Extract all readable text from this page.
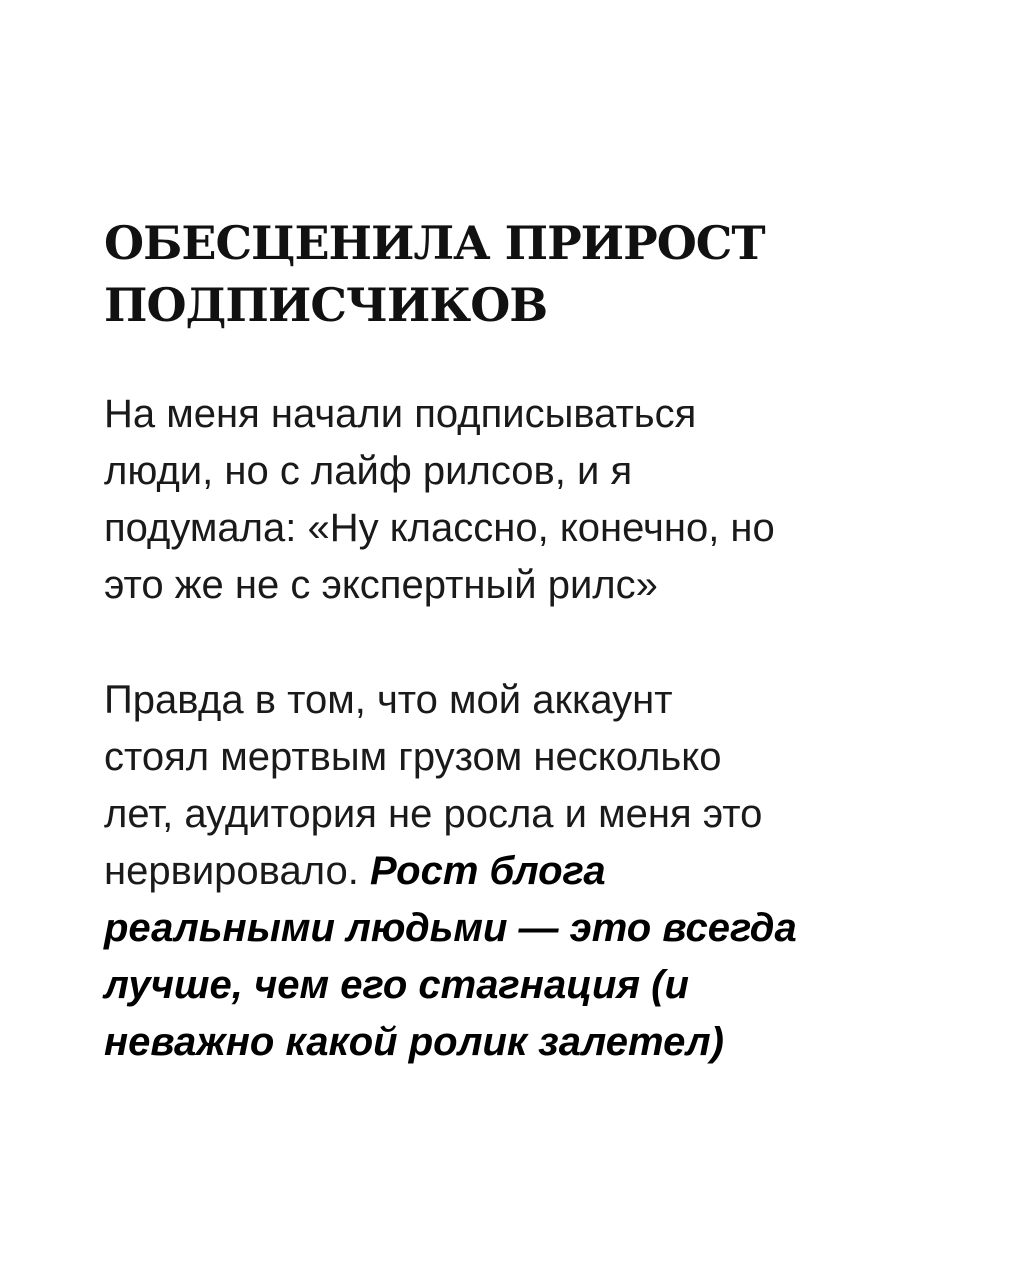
ОБЕСЦЕНИЛА ПРИРОСТ
ПОДПИСЧИКОВ

На меня начали подписываться
люди, но с лайф рилсов, и я
подумала: «Ну классно, конечно, но
это же не с экспертный рилс»

Правда в том, что мой аккаунт
стоял мертвым грузом несколько
лет, аудитория не росла и меня это
нервировало. Рост блога
реальными людьми — это всегда
лучше, чем его стагнация (и
неважно какой ролик залетел)
